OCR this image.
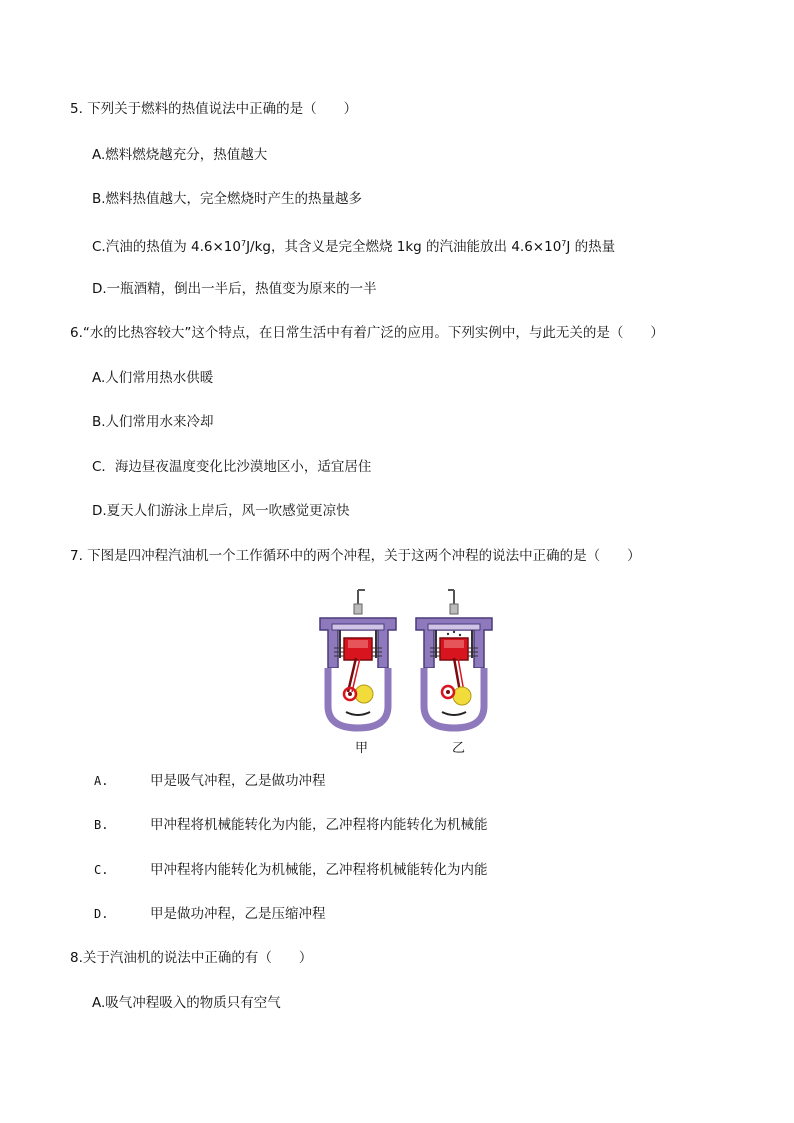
5. 下列关于燃料的热值说法中正确的是（　　）
A.燃料燃烧越充分，热值越大
B.燃料热值越大，完全燃烧时产生的热量越多
C.汽油的热值为 $4.6\times 10^7J/kg$，其含义是完全燃烧 1kg 的汽油能放出 $4.6\times 10^7J$ 的热量
D.一瓶酒精，倒出一半后，热值变为原来的一半
6.“水的比热容较大”这个特点，在日常生活中有着广泛的应用。下列实例中，与此无关的是（　　）
A.人们常用热水供暖
B.人们常用水来冷却
C．海边昼夜温度变化比沙漠地区小，适宜居住
D.夏天人们游泳上岸后，风一吹感觉更凉快
7. 下图是四冲程汽油机一个工作循环中的两个冲程，关于这两个冲程的说法中正确的是（　　）
甲	乙
A.	甲是吸气冲程，乙是做功冲程
B.	甲冲程将机械能转化为内能，乙冲程将内能转化为机械能
C.	甲冲程将内能转化为机械能，乙冲程将机械能转化为内能
D.	甲是做功冲程，乙是压缩冲程
8.关于汽油机的说法中正确的有（　　）
A.吸气冲程吸入的物质只有空气
